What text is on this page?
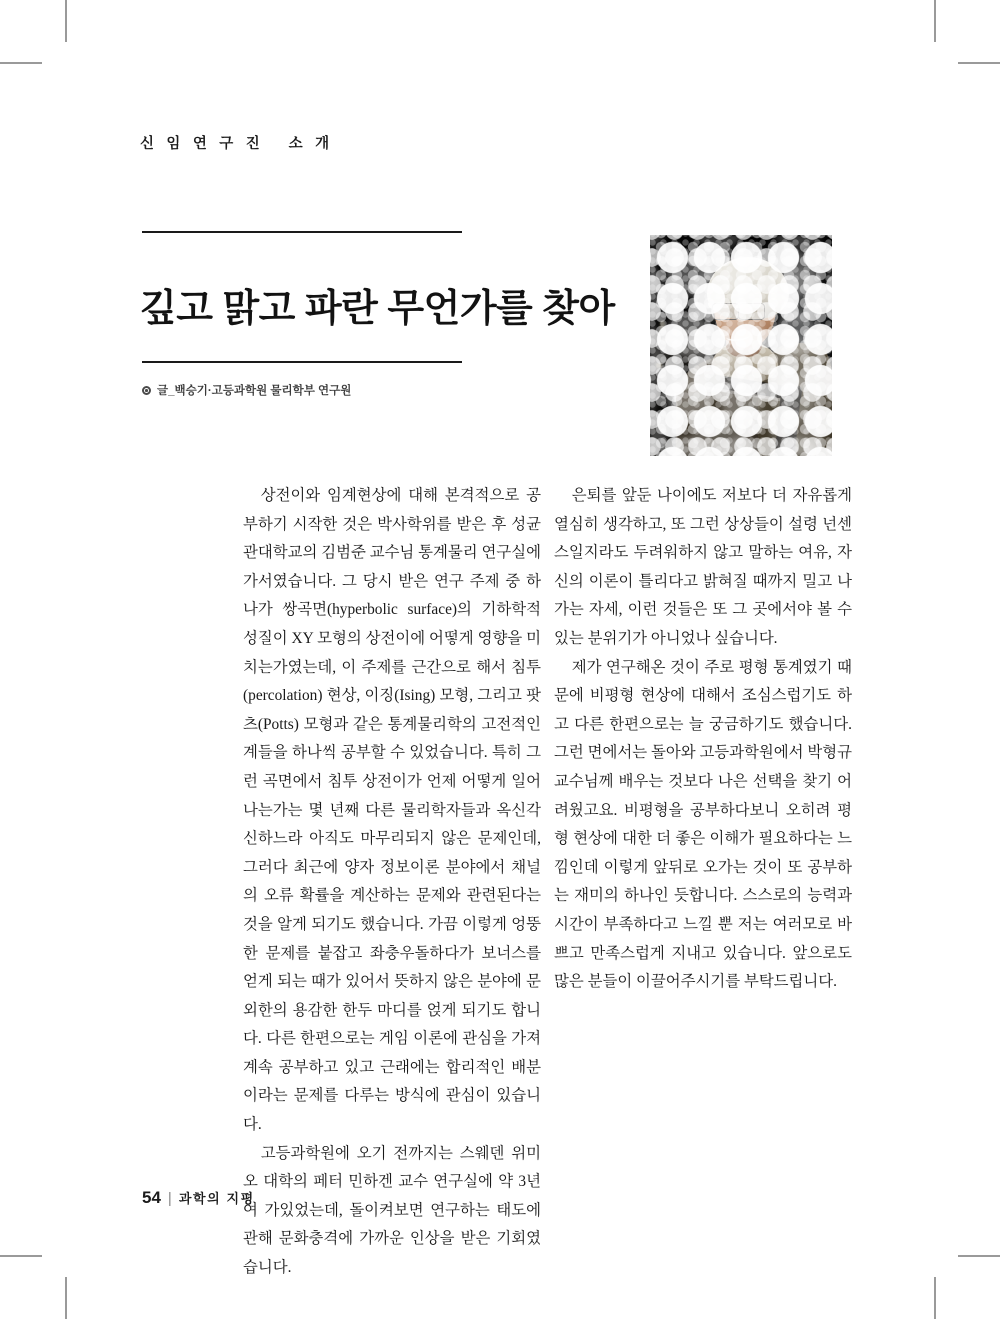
신 임 연 구 진   소 개
깊고 맑고 파란 무언가를 찾아
글_백승기·고등과학원 물리학부 연구원

상전이와 임계현상에 대해 본격적으로 공부하기 시작한 것은 박사학위를 받은 후 성균관대학교의 김범준 교수님 통계물리 연구실에 가서였습니다. 그 당시 받은 연구 주제 중 하나가 쌍곡면(hyperbolic surface)의 기하학적 성질이 XY 모형의 상전이에 어떻게 영향을 미치는가였는데, 이 주제를 근간으로 해서 침투(percolation) 현상, 이징(Ising) 모형, 그리고 팟츠(Potts) 모형과 같은 통계물리학의 고전적인 계들을 하나씩 공부할 수 있었습니다. 특히 그런 곡면에서 침투 상전이가 언제 어떻게 일어나는가는 몇 년째 다른 물리학자들과 옥신각신하느라 아직도 마무리되지 않은 문제인데, 그러다 최근에 양자 정보이론 분야에서 채널의 오류 확률을 계산하는 문제와 관련된다는 것을 알게 되기도 했습니다. 가끔 이렇게 엉뚱한 문제를 붙잡고 좌충우돌하다가 보너스를 얻게 되는 때가 있어서 뜻하지 않은 분야에 문외한의 용감한 한두 마디를 얹게 되기도 합니다. 다른 한편으로는 게임 이론에 관심을 가져 계속 공부하고 있고 근래에는 합리적인 배분이라는 문제를 다루는 방식에 관심이 있습니다.

고등과학원에 오기 전까지는 스웨덴 위미오 대학의 페터 민하겐 교수 연구실에 약 3년여 가있었는데, 돌이켜보면 연구하는 태도에 관해 문화충격에 가까운 인상을 받은 기회였습니다.

은퇴를 앞둔 나이에도 저보다 더 자유롭게 열심히 생각하고, 또 그런 상상들이 설령 넌센스일지라도 두려워하지 않고 말하는 여유, 자신의 이론이 틀리다고 밝혀질 때까지 밀고 나가는 자세, 이런 것들은 또 그 곳에서야 볼 수 있는 분위기가 아니었나 싶습니다.

제가 연구해온 것이 주로 평형 통계였기 때문에 비평형 현상에 대해서 조심스럽기도 하고 다른 한편으로는 늘 궁금하기도 했습니다. 그런 면에서는 돌아와 고등과학원에서 박형규 교수님께 배우는 것보다 나은 선택을 찾기 어려웠고요. 비평형을 공부하다보니 오히려 평형 현상에 대한 더 좋은 이해가 필요하다는 느낌인데 이렇게 앞뒤로 오가는 것이 또 공부하는 재미의 하나인 듯합니다. 스스로의 능력과 시간이 부족하다고 느낄 뿐 저는 여러모로 바쁘고 만족스럽게 지내고 있습니다. 앞으로도 많은 분들이 이끌어주시기를 부탁드립니다.

54 | 과학의 지평
